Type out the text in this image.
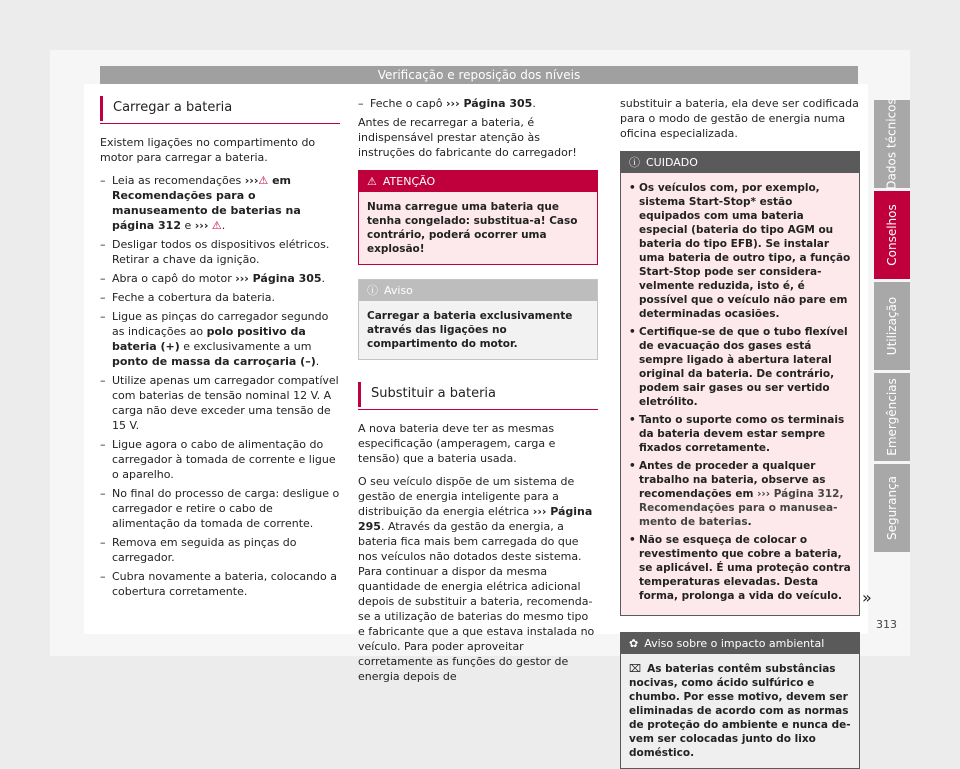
Verificação e reposição dos níveis
Carregar a bateria

Existem ligações no compartimento do motor para carregar a bateria.

– Leia as recomendações ›››⚠ em Recomendações para o manuseamento de baterias na página 312 e ››› ⚠.
– Desligar todos os dispositivos elétricos. Retirar a chave da ignição.
– Abra o capô do motor ››› Página 305.
– Feche a cobertura da bateria.
– Ligue as pinças do carregador segundo as indicações ao polo positivo da bateria (+) e exclusivamente a um ponto de massa da carroçaria (–).
– Utilize apenas um carregador compatível com baterias de tensão nominal 12 V. A carga não deve exceder uma tensão de 15 V.
– Ligue agora o cabo de alimentação do carregador à tomada de corrente e ligue o aparelho.
– No final do processo de carga: desligue o carregador e retire o cabo de alimentação da tomada de corrente.
– Remova em seguida as pinças do carregador.
– Cubra novamente a bateria, colocando a cobertura corretamente.
– Feche o capô ››› Página 305.

Antes de recarregar a bateria, é indispensável prestar atenção às instruções do fabricante do carregador!

⚠ ATENÇÃO
Numa carregue uma bateria que tenha congelado: substitua-a! Caso contrário, poderá ocorrer uma explosão!
ⓘ Aviso
Carregar a bateria exclusivamente através das ligações no compartimento do motor.
Substituir a bateria

A nova bateria deve ter as mesmas especificação (amperagem, carga e tensão) que a bateria usada.

O seu veículo dispõe de um sistema de gestão de energia inteligente para a distribuição da energia elétrica ››› Página 295. Através da gestão da energia, a bateria fica mais bem carregada do que nos veículos não dotados deste sistema. Para continuar a dispor da mesma quantidade de energia elétrica adicional depois de substituir a bateria, recomenda-se a utilização de baterias do mesmo tipo e fabricante que a que estava instalada no veículo. Para poder aproveitar corretamente as funções do gestor de energia depois de

substituir a bateria, ela deve ser codificada para o modo de gestão de energia numa oficina especializada.

ⓘ CUIDADO
• Os veículos com, por exemplo, sistema Start-Stop* estão equipados com uma bateria especial (bateria do tipo AGM ou bateria do tipo EFB). Se instalar uma bateria de outro tipo, a função Start-Stop pode ser consideravelmente reduzida, isto é, é possível que o veículo não pare em determinadas ocasiões.
• Certifique-se de que o tubo flexível de evacuação dos gases está sempre ligado à abertura lateral original da bateria. De contrário, podem sair gases ou ser vertido eletrólito.
• Tanto o suporte como os terminais da bateria devem estar sempre fixados corretamente.
• Antes de proceder a qualquer trabalho na bateria, observe as recomendações em ››› Página 312, Recomendações para o manuseamento de baterias.
• Não se esqueça de colocar o revestimento que cobre a bateria, se aplicável. É uma proteção contra temperaturas elevadas. Desta forma, prolonga a vida do veículo.
✿ Aviso sobre o impacto ambiental
⌧ As baterias contêm substâncias nocivas, como ácido sulfúrico e chumbo. Por esse motivo, devem ser eliminadas de acordo com as normas de proteção do ambiente e nunca devem ser colocadas junto do lixo doméstico.
Dados técnicos
Conselhos
Utilização
Emergências
Segurança
»
313
